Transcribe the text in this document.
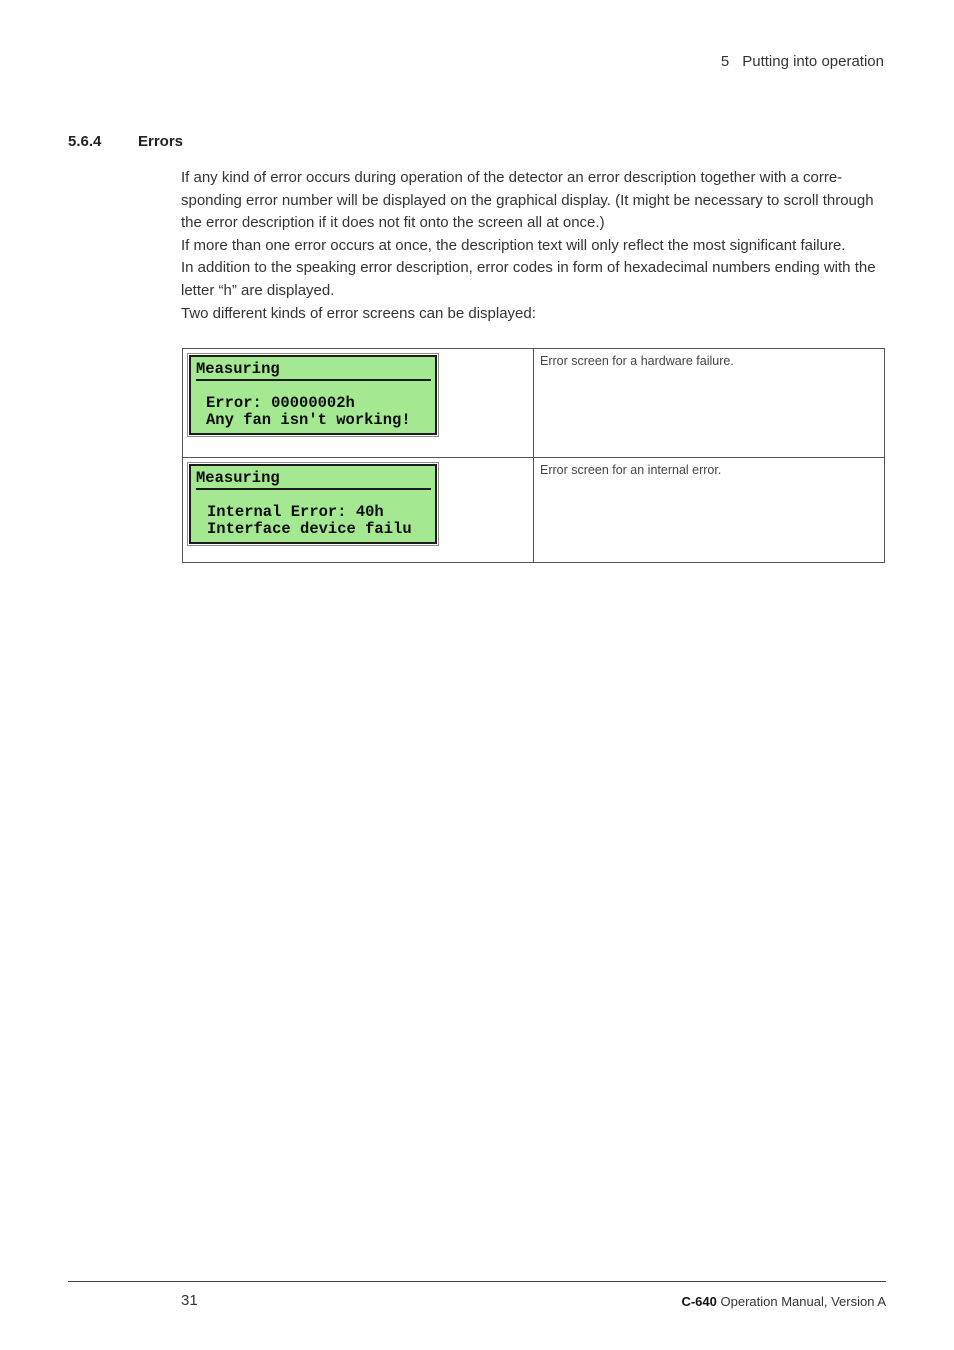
5 Putting into operation
5.6.4 Errors

If any kind of error occurs during operation of the detector an error description together with a corre-sponding error number will be displayed on the graphical display. (It might be necessary to scroll through the error description if it does not fit onto the screen all at once.)

If more than one error occurs at once, the description text will only reflect the most significant failure.

In addition to the speaking error description, error codes in form of hexadecimal numbers ending with the letter “h” are displayed.

Two different kinds of error screens can be displayed:

Measuring
Error: 00000002h
Any fan isn't working!	Error screen for a hardware failure.

Measuring
Internal Error: 40h
Interface device failu	Error screen for an internal error.
31	C-640 Operation Manual, Version A
